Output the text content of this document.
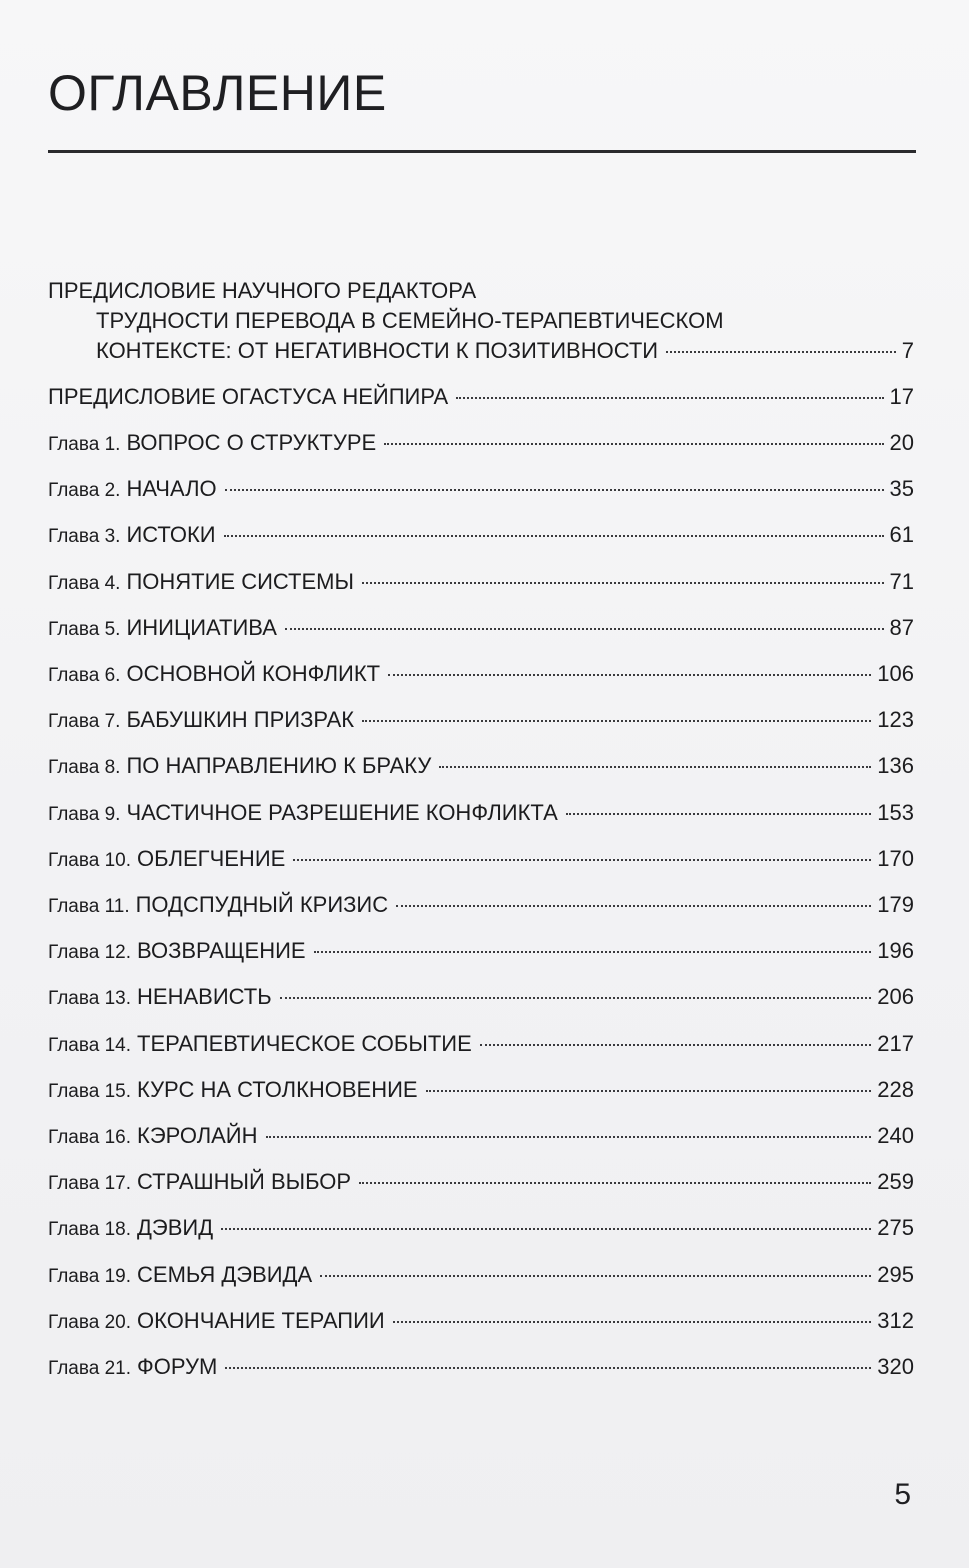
ОГЛАВЛЕНИЕ
ПРЕДИСЛОВИЕ НАУЧНОГО РЕДАКТОРА
ТРУДНОСТИ ПЕРЕВОДА В СЕМЕЙНО-ТЕРАПЕВТИЧЕСКОМ
КОНТЕКСТЕ: ОТ НЕГАТИВНОСТИ К ПОЗИТИВНОСТИ	7
ПРЕДИСЛОВИЕ ОГАСТУСА НЕЙПИРА	17
Глава 1. ВОПРОС О СТРУКТУРЕ	20
Глава 2. НАЧАЛО	35
Глава 3. ИСТОКИ	61
Глава 4. ПОНЯТИЕ СИСТЕМЫ	71
Глава 5. ИНИЦИАТИВА	87
Глава 6. ОСНОВНОЙ КОНФЛИКТ	106
Глава 7. БАБУШКИН ПРИЗРАК	123
Глава 8. ПО НАПРАВЛЕНИЮ К БРАКУ	136
Глава 9. ЧАСТИЧНОЕ РАЗРЕШЕНИЕ КОНФЛИКТА	153
Глава 10. ОБЛЕГЧЕНИЕ	170
Глава 11. ПОДСПУДНЫЙ КРИЗИС	179
Глава 12. ВОЗВРАЩЕНИЕ	196
Глава 13. НЕНАВИСТЬ	206
Глава 14. ТЕРАПЕВТИЧЕСКОЕ СОБЫТИЕ	217
Глава 15. КУРС НА СТОЛКНОВЕНИЕ	228
Глава 16. КЭРОЛАЙН	240
Глава 17. СТРАШНЫЙ ВЫБОР	259
Глава 18. ДЭВИД	275
Глава 19. СЕМЬЯ ДЭВИДА	295
Глава 20. ОКОНЧАНИЕ ТЕРАПИИ	312
Глава 21. ФОРУМ	320
5
